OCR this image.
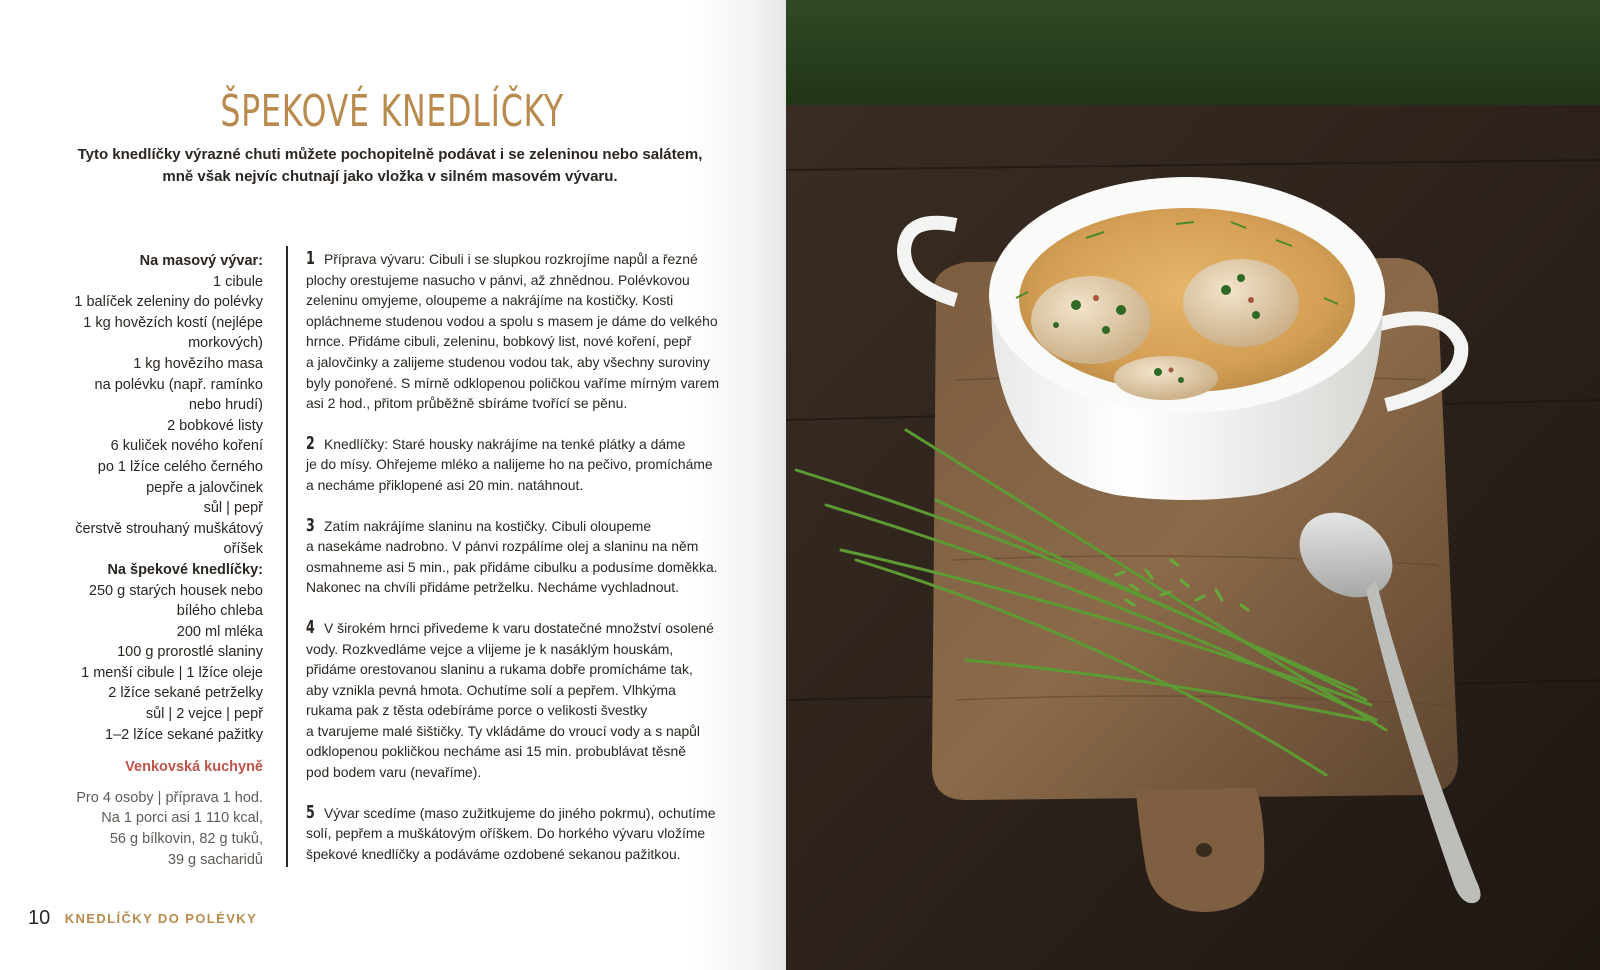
ŠPEKOVÉ KNEDLÍČKY
Tyto knedlíčky výrazné chuti můžete pochopitelně podávat i se zeleninou nebo salátem,
mně však nejvíc chutnají jako vložka v silném masovém vývaru.
Na masový vývar:
1 cibule
1 balíček zeleniny do polévky
1 kg hovězích kostí (nejlépe
morkových)
1 kg hovězího masa
na polévku (např. ramínko
nebo hrudí)
2 bobkové listy
6 kuliček nového koření
po 1 lžíce celého černého
pepře a jalovčinek
sůl | pepř
čerstvě strouhaný muškátový
oříšek
Na špekové knedlíčky:
250 g starých housek nebo
bílého chleba
200 ml mléka
100 g prorostlé slaniny
1 menší cibule | 1 lžíce oleje
2 lžíce sekané petrželky
sůl | 2 vejce | pepř
1–2 lžíce sekané pažitky
Venkovská kuchyně
Pro 4 osoby | příprava 1 hod.
Na 1 porci asi 1 110 kcal,
56 g bílkovin, 82 g tuků,
39 g sacharidů
1 Příprava vývaru: Cibuli i se slupkou rozkrojíme napůl a řezné
plochy orestujeme nasucho v pánvi, až zhnědnou. Polévkovou
zeleninu omyjeme, oloupeme a nakrájíme na kostičky. Kosti
opláchneme studenou vodou a spolu s masem je dáme do velkého
hrnce. Přidáme cibuli, zeleninu, bobkový list, nové koření, pepř
a jalovčinky a zalijeme studenou vodou tak, aby všechny suroviny
byly ponořené. S mírně odklopenou poličkou vaříme mírným varem
asi 2 hod., přitom průběžně sbíráme tvořící se pěnu.
2 Knedlíčky: Staré housky nakrájíme na tenké plátky a dáme
je do mísy. Ohřejeme mléko a nalijeme ho na pečivo, promícháme
a necháme přiklopené asi 20 min. natáhnout.
3 Zatím nakrájíme slaninu na kostičky. Cibuli oloupeme
a nasekáme nadrobno. V pánvi rozpálíme olej a slaninu na něm
osmahneme asi 5 min., pak přidáme cibulku a podusíme doměkka.
Nakonec na chvíli přidáme petrželku. Necháme vychladnout.
4 V širokém hrnci přivedeme k varu dostatečné množství osolené
vody. Rozkvedláme vejce a vlijeme je k nasáklým houskám,
přidáme orestovanou slaninu a rukama dobře promícháme tak,
aby vznikla pevná hmota. Ochutíme solí a pepřem. Vlhkýma
rukama pak z těsta odebíráme porce o velikosti švestky
a tvarujeme malé šištičky. Ty vkládáme do vroucí vody a s napůl
odklopenou pokličkou necháme asi 15 min. probublávat těsně
pod bodem varu (nevaříme).
5 Vývar scedíme (maso zužitkujeme do jiného pokrmu), ochutíme
solí, pepřem a muškátovým oříškem. Do horkého vývaru vložíme
špekové knedlíčky a podáváme ozdobené sekanou pažitkou.
10 KNEDLÍČKY DO POLÉVKY
